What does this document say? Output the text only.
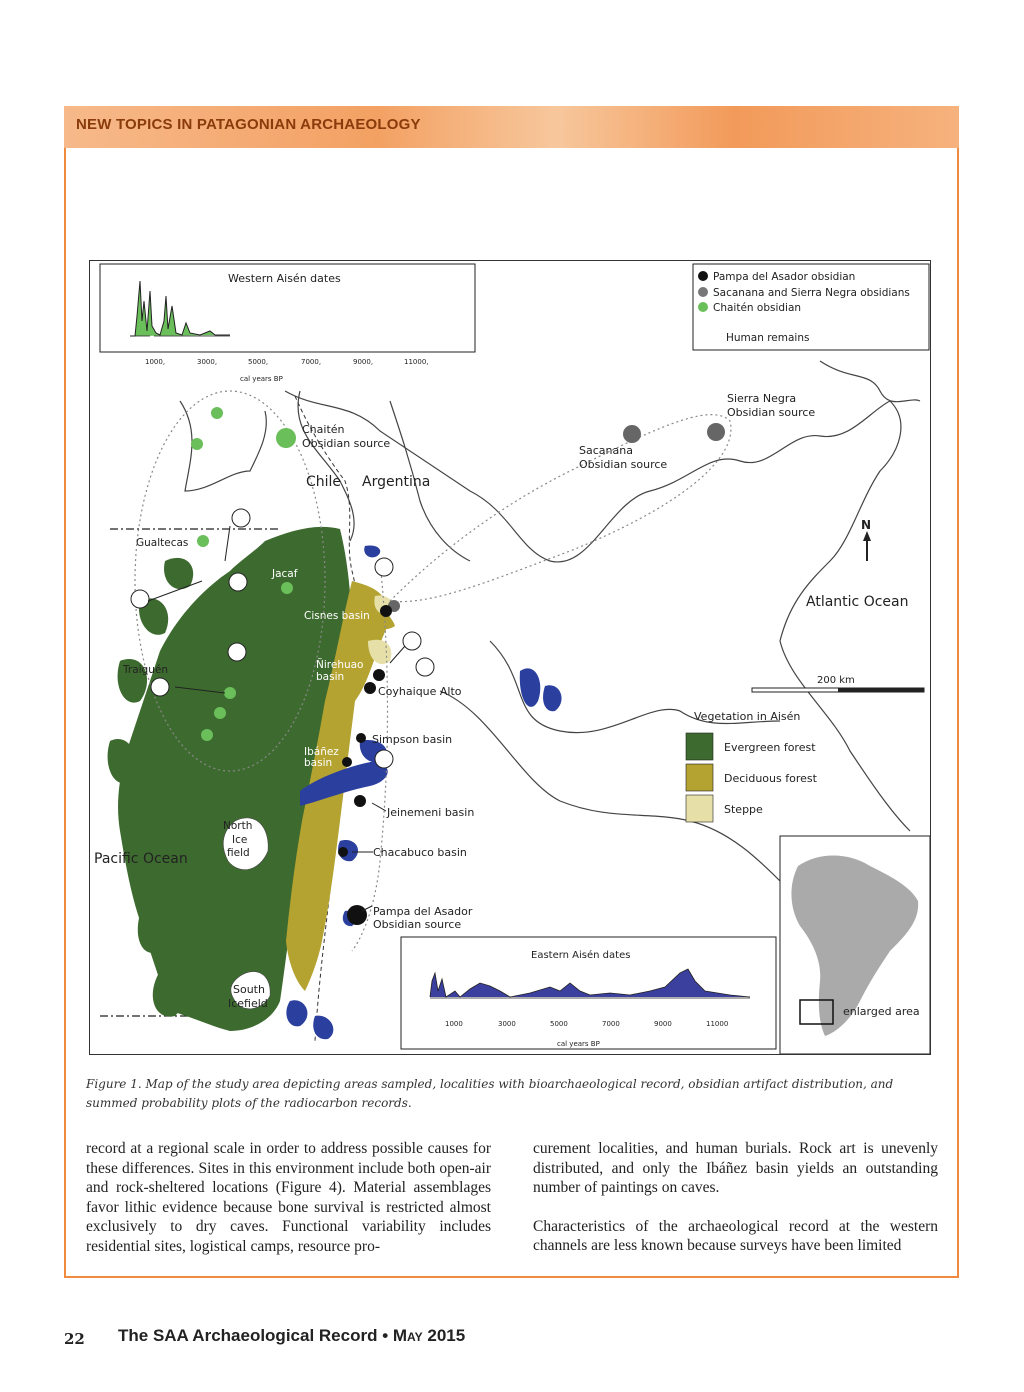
NEW TOPICS IN PATAGONIAN ARCHAEOLOGY
Western Aisén dates
1000,	3000,	5000,	7000,	9000,	11000,
cal years BP
Eastern Aisén dates
1000	3000	5000	7000	9000	11000
cal years BP
Pampa del Asador obsidian
Sacanana and Sierra Negra obsidians
Chaitén obsidian
Human remains
Chaitén
Obsidian source
Chile Argentina
Sierra Negra
Obsidian source
Sacanana
Obsidian source
N
Atlantic Ocean
200 km
Gualtecas
Jacaf
Cisnes basin
Traiguén	Ñirehuao
basin
Coyhaique Alto
Simpson basin
Ibáñez
basin
Jeinemeni basin
North
Ice
field
Pacific Ocean	Chacabuco basin
Pampa del Asador
Obsidian source
South
Icefield
enlarged area
Vegetation in Aisén
Evergreen forest
Deciduous forest
Steppe
Figure 1. Map of the study area depicting areas sampled, localities with bioarchaeological record, obsidian artifact distribution, and summed probability plots of the radiocarbon records.

record at a regional scale in order to address possible causes for these differences. Sites in this environment include both open-air and rock-sheltered locations (Figure 4). Material assemblages favor lithic evidence because bone survival is restricted almost exclusively to dry caves. Functional variability includes residential sites, logistical camps, resource pro-

curement localities, and human burials. Rock art is unevenly distributed, and only the Ibáñez basin yields an outstanding number of paintings on caves.

Characteristics of the archaeological record at the western channels are less known because surveys have been limited

22 The SAA Archaeological Record • May 2015
